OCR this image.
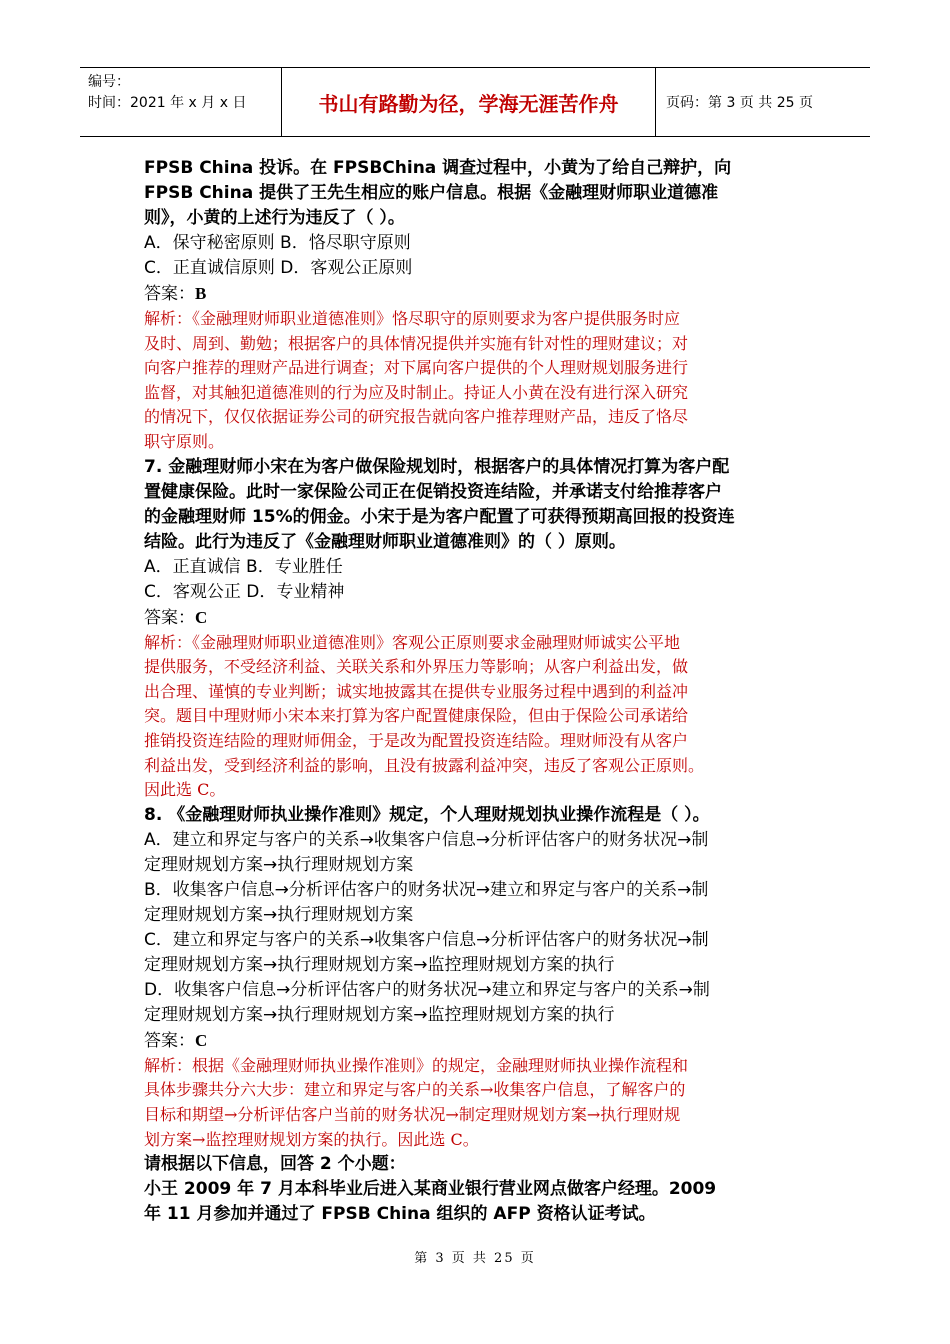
编号：
时间：2021 年 x 月 x 日	书山有路勤为径，学海无涯苦作舟	页码：第 3 页 共 25 页

FPSB China 投诉。在 FPSBChina 调查过程中，小黄为了给自己辩护，向

FPSB China 提供了王先生相应的账户信息。根据《金融理财师职业道德准

则》，小黄的上述行为违反了（ ）。

A．保守秘密原则 B．恪尽职守原则

C．正直诚信原则 D．客观公正原则

答案：B

解析：《金融理财师职业道德准则》恪尽职守的原则要求为客户提供服务时应

及时、周到、勤勉；根据客户的具体情况提供并实施有针对性的理财建议；对

向客户推荐的理财产品进行调查；对下属向客户提供的个人理财规划服务进行

监督，对其触犯道德准则的行为应及时制止。持证人小黄在没有进行深入研究

的情况下，仅仅依据证券公司的研究报告就向客户推荐理财产品，违反了恪尽

职守原则。

7. 金融理财师小宋在为客户做保险规划时，根据客户的具体情况打算为客户配

置健康保险。此时一家保险公司正在促销投资连结险，并承诺支付给推荐客户

的金融理财师 15%的佣金。小宋于是为客户配置了可获得预期高回报的投资连

结险。此行为违反了《金融理财师职业道德准则》的（ ）原则。

A．正直诚信 B．专业胜任

C．客观公正 D．专业精神

答案：C

解析：《金融理财师职业道德准则》客观公正原则要求金融理财师诚实公平地

提供服务，不受经济利益、关联关系和外界压力等影响；从客户利益出发，做

出合理、谨慎的专业判断；诚实地披露其在提供专业服务过程中遇到的利益冲

突。题目中理财师小宋本来打算为客户配置健康保险，但由于保险公司承诺给

推销投资连结险的理财师佣金，于是改为配置投资连结险。理财师没有从客户

利益出发，受到经济利益的影响，且没有披露利益冲突，违反了客观公正原则。

因此选 C。

8. 《金融理财师执业操作准则》规定，个人理财规划执业操作流程是（ ）。

A．建立和界定与客户的关系→收集客户信息→分析评估客户的财务状况→制

定理财规划方案→执行理财规划方案

B．收集客户信息→分析评估客户的财务状况→建立和界定与客户的关系→制

定理财规划方案→执行理财规划方案

C．建立和界定与客户的关系→收集客户信息→分析评估客户的财务状况→制

定理财规划方案→执行理财规划方案→监控理财规划方案的执行

D．收集客户信息→分析评估客户的财务状况→建立和界定与客户的关系→制

定理财规划方案→执行理财规划方案→监控理财规划方案的执行

答案：C

解析：根据《金融理财师执业操作准则》的规定，金融理财师执业操作流程和

具体步骤共分六大步：建立和界定与客户的关系→收集客户信息，了解客户的

目标和期望→分析评估客户当前的财务状况→制定理财规划方案→执行理财规

划方案→监控理财规划方案的执行。因此选 C。

请根据以下信息，回答 2 个小题：

小王 2009 年 7 月本科毕业后进入某商业银行营业网点做客户经理。2009

年 11 月参加并通过了 FPSB China 组织的 AFP 资格认证考试。

第 3 页 共 25 页
